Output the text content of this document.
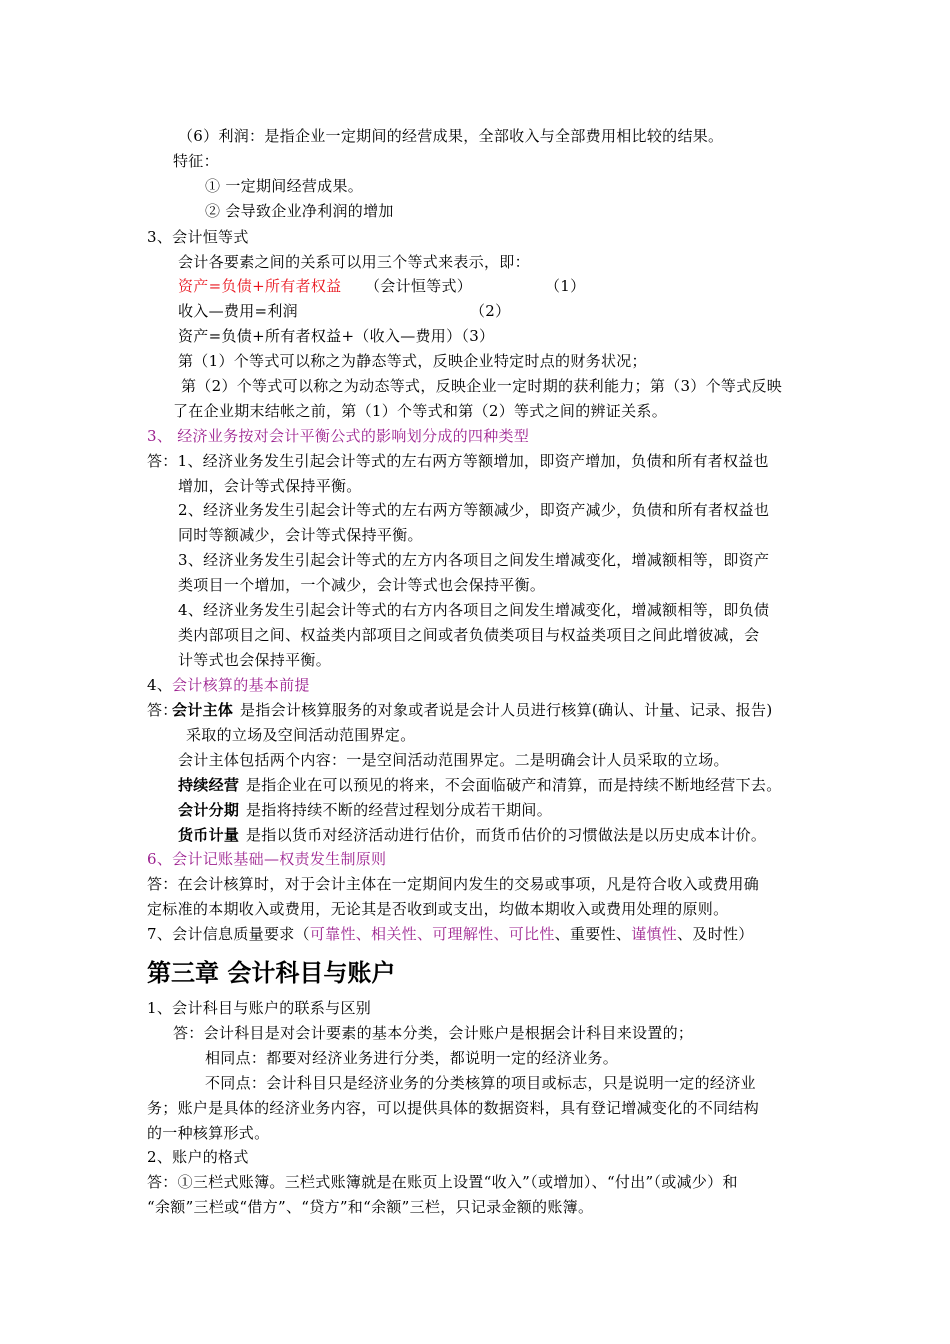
（6）利润：是指企业一定期间的经营成果，全部收入与全部费用相比较的结果。
特征：
① 一定期间经营成果。
② 会导致企业净利润的增加
3、会计恒等式
会计各要素之间的关系可以用三个等式来表示，即：
资产=负债+所有者权益 （会计恒等式）	（1）
收入—费用=利润	（2）
资产=负债+所有者权益+（收入—费用）（3）
第（1）个等式可以称之为静态等式，反映企业特定时点的财务状况；
第（2）个等式可以称之为动态等式，反映企业一定时期的获利能力；第（3）个等式反映
了在企业期末结帐之前，第（1）个等式和第（2）等式之间的辨证关系。
3、 经济业务按对会计平衡公式的影响划分成的四种类型
答：1、经济业务发生引起会计等式的左右两方等额增加，即资产增加，负债和所有者权益也
增加，会计等式保持平衡。
2、经济业务发生引起会计等式的左右两方等额减少，即资产减少，负债和所有者权益也
同时等额减少，会计等式保持平衡。
3、经济业务发生引起会计等式的左方内各项目之间发生增减变化，增减额相等，即资产
类项目一个增加，一个减少，会计等式也会保持平衡。
4、经济业务发生引起会计等式的右方内各项目之间发生增减变化，增减额相等，即负债
类内部项目之间、权益类内部项目之间或者负债类项目与权益类项目之间此增彼减，会
计等式也会保持平衡。
4、 会计核算的基本前提
答：
会计主体 是指会计核算服务的对象或者说是会计人员进行核算(确认、计量、记录、报告)
采取的立场及空间活动范围界定。
会计主体包括两个内容：一是空间活动范围界定。二是明确会计人员采取的立场。
持续经营 是指企业在可以预见的将来，不会面临破产和清算，而是持续不断地经营下去。
会计分期 是指将持续不断的经营过程划分成若干期间。
货币计量 是指以货币对经济活动进行估价，而货币估价的习惯做法是以历史成本计价。
6、会计记账基础—权责发生制原则
答：在会计核算时，对于会计主体在一定期间内发生的交易或事项，凡是符合收入或费用确
定标准的本期收入或费用，无论其是否收到或支出，均做本期收入或费用处理的原则。
7、会计信息质量要求（可靠性、相关性、可理解性、可比性、重要性、谨慎性、及时性）
第三章 会计科目与账户
1、会计科目与账户的联系与区别
答：会计科目是对会计要素的基本分类，会计账户是根据会计科目来设置的；
相同点：都要对经济业务进行分类，都说明一定的经济业务。
不同点：会计科目只是经济业务的分类核算的项目或标志，只是说明一定的经济业
务；账户是具体的经济业务内容，可以提供具体的数据资料，具有登记增减变化的不同结构
的一种核算形式。
2、账户的格式
答：①三栏式账簿。三栏式账簿就是在账页上设置“收入”（或增加）、“付出”（或减少）和
“余额”三栏或“借方”、“贷方”和“余额”三栏，只记录金额的账簿。
